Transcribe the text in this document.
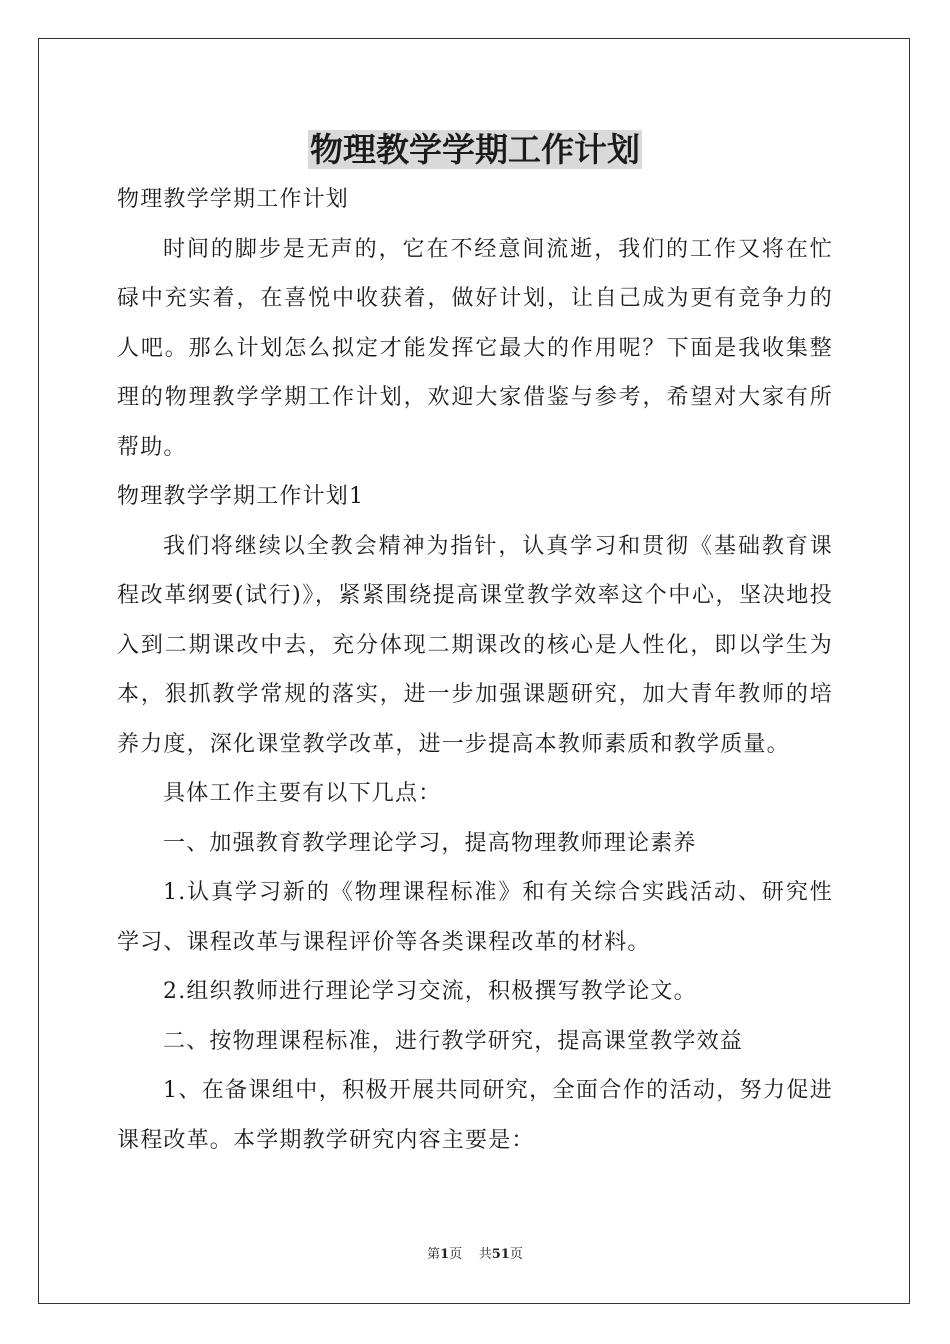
物理教学学期工作计划

物理教学学期工作计划

时间的脚步是无声的，它在不经意间流逝，我们的工作又将在忙碌中充实着，在喜悦中收获着，做好计划，让自己成为更有竞争力的人吧。那么计划怎么拟定才能发挥它最大的作用呢？下面是我收集整理的物理教学学期工作计划，欢迎大家借鉴与参考，希望对大家有所帮助。

物理教学学期工作计划1

我们将继续以全教会精神为指针，认真学习和贯彻《基础教育课程改革纲要(试行)》，紧紧围绕提高课堂教学效率这个中心，坚决地投入到二期课改中去，充分体现二期课改的核心是人性化，即以学生为本，狠抓教学常规的落实，进一步加强课题研究，加大青年教师的培养力度，深化课堂教学改革，进一步提高本教师素质和教学质量。

具体工作主要有以下几点：

一、加强教育教学理论学习，提高物理教师理论素养

1.认真学习新的《物理课程标准》和有关综合实践活动、研究性学习、课程改革与课程评价等各类课程改革的材料。

2.组织教师进行理论学习交流，积极撰写教学论文。

二、按物理课程标准，进行教学研究，提高课堂教学效益

1、在备课组中，积极开展共同研究，全面合作的活动，努力促进课程改革。本学期教学研究内容主要是：

第1页    共51页
